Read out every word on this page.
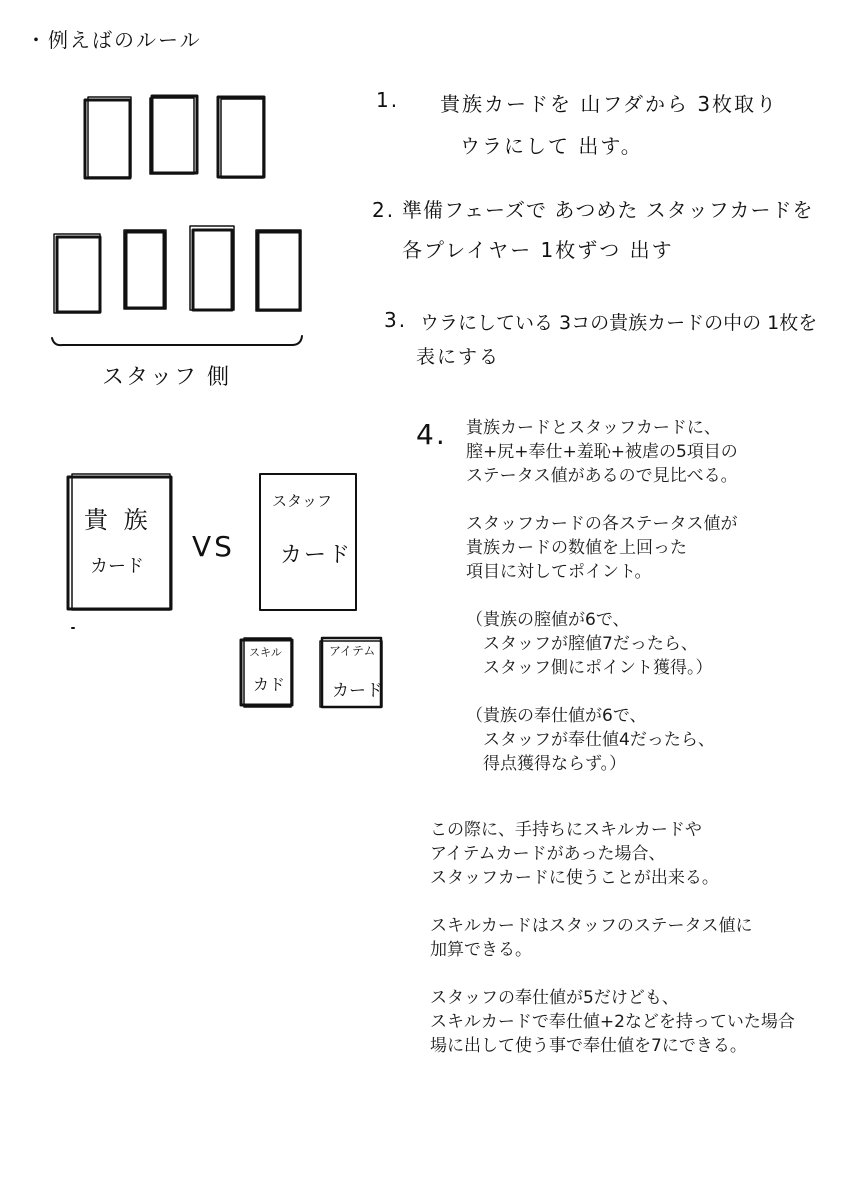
・例えばのルール
スタッフ 側
貴 族
カード
VS
スタッフ
カード
スキル
カド
アイテム
カード
1. 貴族カードを 山フダから 3枚取り
ウラにして 出す。
2. 準備フェーズで あつめた スタッフカードを
各プレイヤー 1枚ずつ 出す
3. ウラにしている 3コの貴族カードの中の 1枚を
表にする
4. 貴族カードとスタッフカードに、

膣+尻+奉仕+羞恥+被虐の5項目の

ステータス値があるので見比べる。

スタッフカードの各ステータス値が

貴族カードの数値を上回った

項目に対してポイント。

（貴族の膣値が6で、

　スタッフが膣値7だったら、

　スタッフ側にポイント獲得。）

（貴族の奉仕値が6で、

　スタッフが奉仕値4だったら、

　得点獲得ならず。）

この際に、手持ちにスキルカードや

アイテムカードがあった場合、

スタッフカードに使うことが出来る。

スキルカードはスタッフのステータス値に

加算できる。

スタッフの奉仕値が5だけども、

スキルカードで奉仕値+2などを持っていた場合

場に出して使う事で奉仕値を7にできる。
